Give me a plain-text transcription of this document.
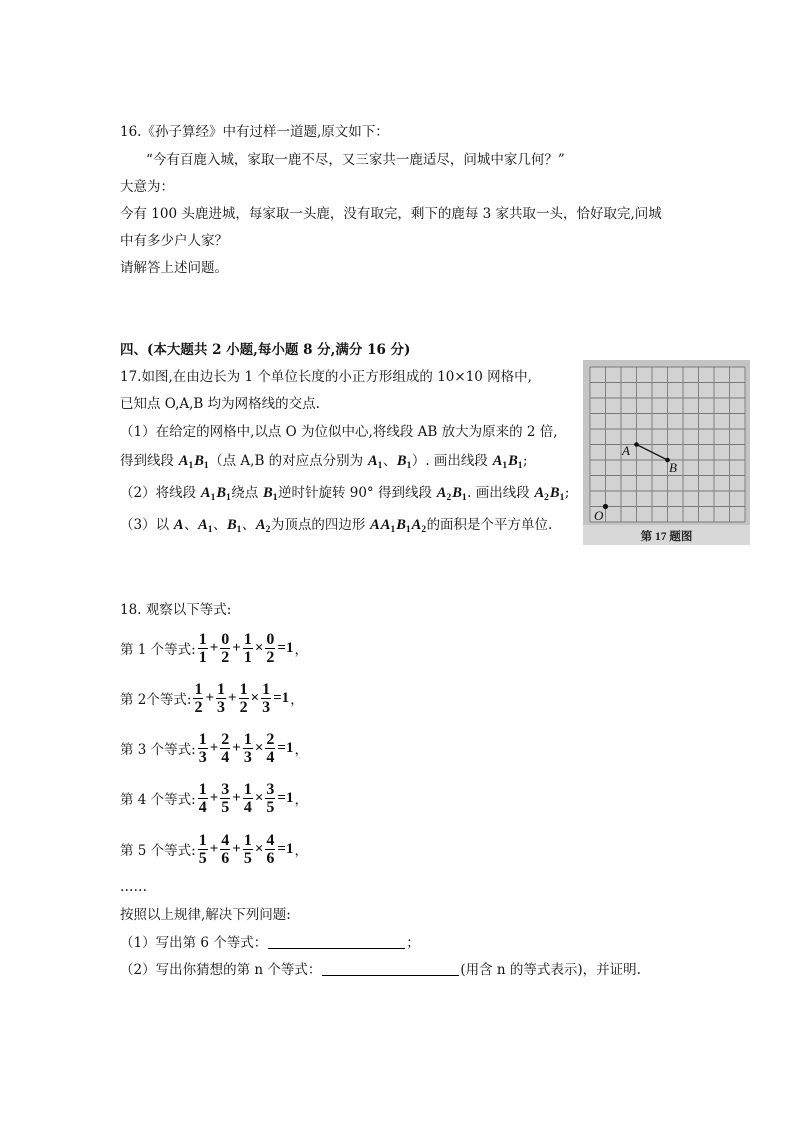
16.《孙子算经》中有过样一道题,原文如下：
“今有百鹿入城，家取一鹿不尽，又三家共一鹿适尽，问城中家几何？”
大意为：
今有 100 头鹿进城，每家取一头鹿，没有取完，剩下的鹿每 3 家共取一头，恰好取完,问城
中有多少户人家？
请解答上述问题。
四、(本大题共 2 小题,每小题 8 分,满分 16 分)
17.如图,在由边长为 1 个单位长度的小正方形组成的 10×10 网格中,
已知点 O,A,B 均为网格线的交点.
（1）在给定的网格中,以点 O 为位似中心,将线段 AB 放大为原来的 2 倍,
得到线段 $A_1B_1$（点 A,B 的对应点分别为 $A_1$、$B_1$）. 画出线段 $A_1B_1$;
（2）将线段 $A_1B_1$绕点 $B_1$逆时针旋转 90° 得到线段 $A_2B_1$. 画出线段 $A_2B_1$;
（3）以 A、$A_1$、$B_1$、$A_2$为顶点的四边形 $AA_1B_1A_2$的面积是个平方单位.
第 17 题图
A
B
O
18. 观察以下等式:
第 1 个等式: $\frac{1}{1} + \frac{0}{2} + \frac{1}{1} \times \frac{0}{2} =1$ ，
第 2个等式: $\frac{1}{2} + \frac{1}{3} + \frac{1}{2} \times \frac{1}{3} =1$ ，
第 3 个等式: $\frac{1}{3} + \frac{2}{4} + \frac{1}{3} \times \frac{2}{4} =1$ ，
第 4 个等式: $\frac{1}{4} + \frac{3}{5} + \frac{1}{4} \times \frac{3}{5} =1$ ，
第 5 个等式: $\frac{1}{5} + \frac{4}{6} + \frac{1}{5} \times \frac{4}{6} =1$ ，
……
按照以上规律,解决下列问题:
（1）写出第 6 个等式：	；
（2）写出你猜想的第 n 个等式：	(用含 n 的等式表示)，并证明.
